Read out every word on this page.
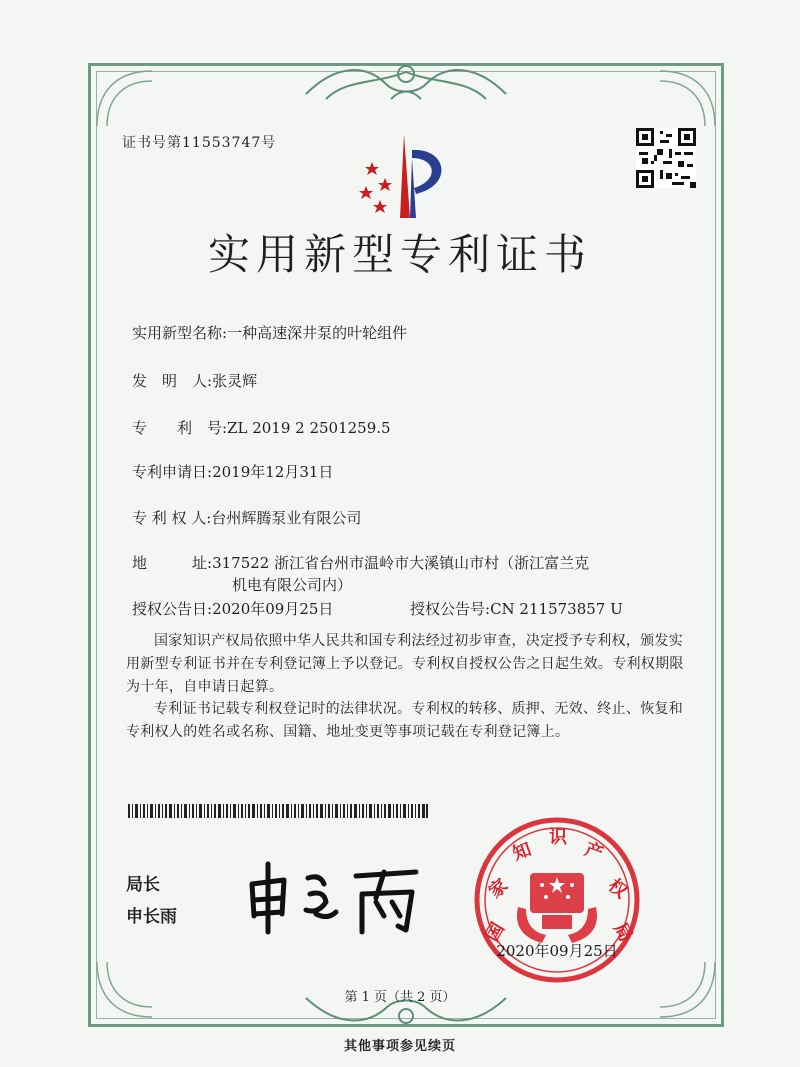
证书号第11553747号
实用新型专利证书
实用新型名称:一种高速深井泵的叶轮组件
发　明　人:张灵辉
专　　利　号:ZL 2019 2 2501259.5
专利申请日:2019年12月31日
专 利 权 人:台州辉腾泵业有限公司
地　　　址:317522 浙江省台州市温岭市大溪镇山市村（浙江富兰克
机电有限公司内）
授权公告日:2020年09月25日	授权公告号:CN 211573857 U
国家知识产权局依照中华人民共和国专利法经过初步审查，决定授予专利权，颁发实用新型专利证书并在专利登记簿上予以登记。专利权自授权公告之日起生效。专利权期限为十年，自申请日起算。
专利证书记载专利权登记时的法律状况。专利权的转移、质押、无效、终止、恢复和专利权人的姓名或名称、国籍、地址变更等事项记载在专利登记簿上。
局长
申长雨
国
家
知
识
产
权
局
2020年09月25日
第 1 页（共 2 页）
其他事项参见续页
